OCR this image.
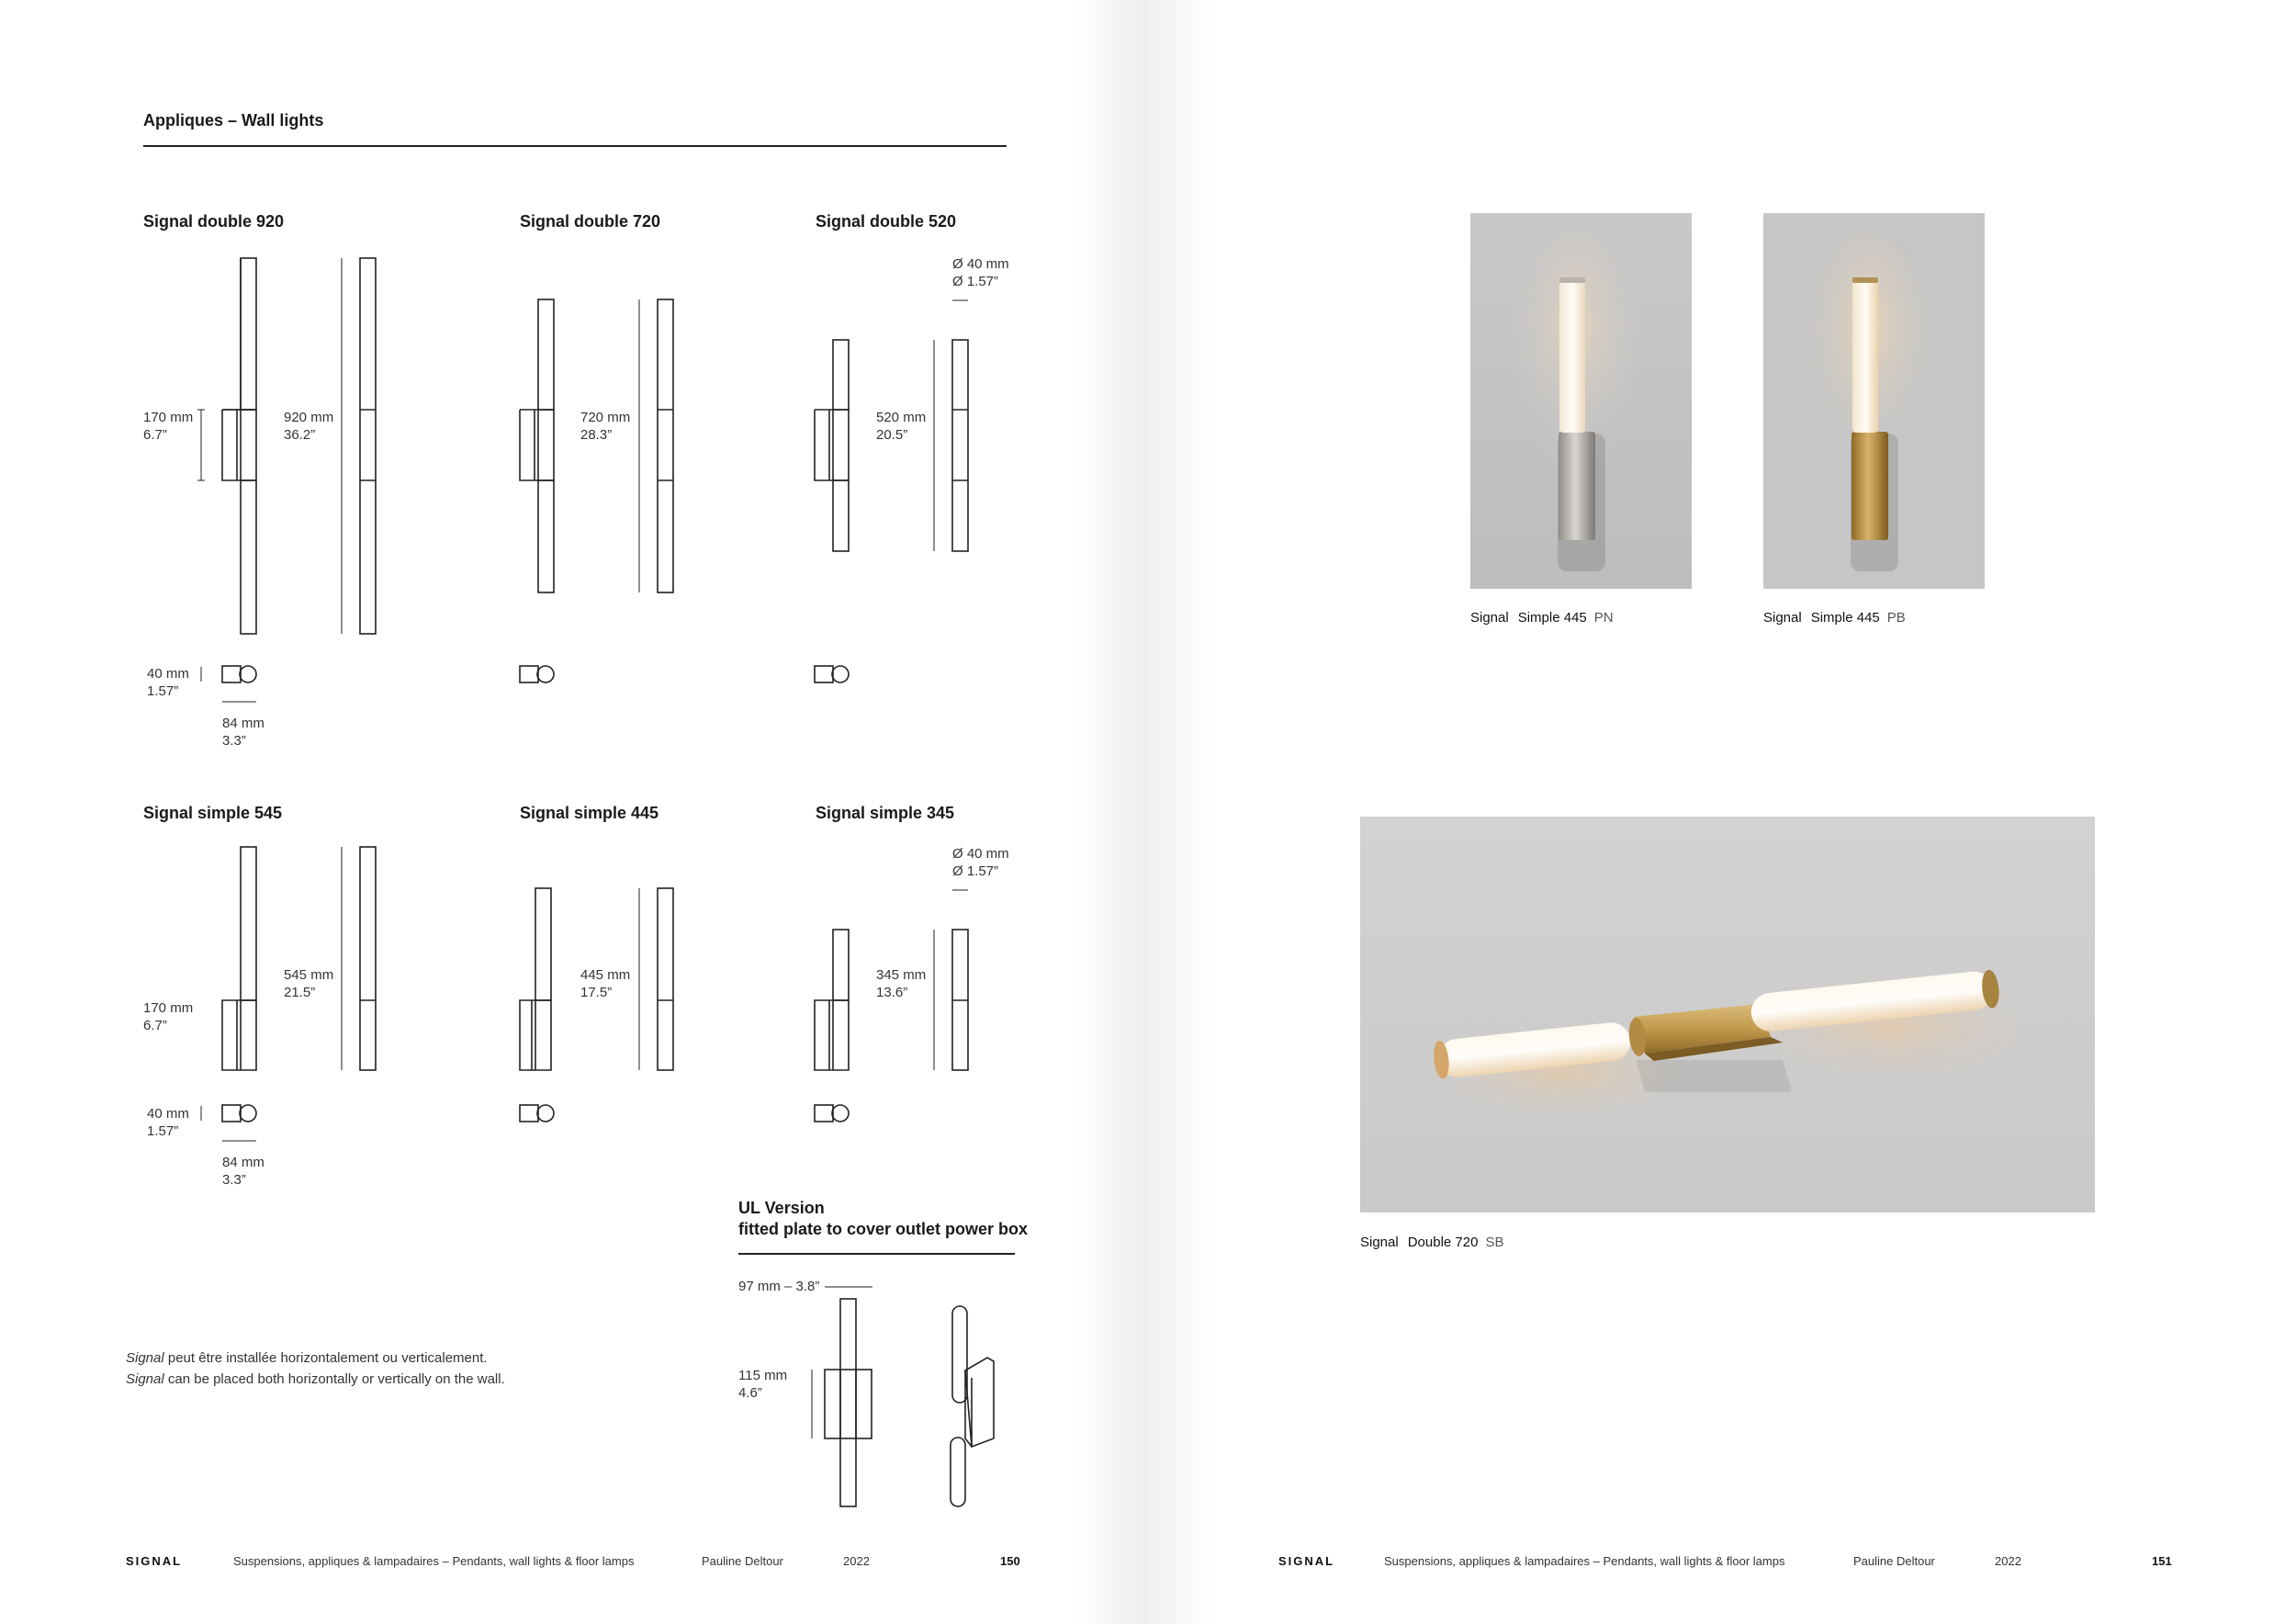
Appliques – Wall lights
Signal double 920	Signal double 720	Signal double 520
Signal simple 545	Signal simple 445	Signal simple 345
170 mm
6.7”
920 mm
36.2”
40 mm
1.57”
84 mm
3.3”
720 mm
28.3”
520 mm
20.5”
Ø 40 mm
Ø 1.57”
170 mm
6.7”
545 mm
21.5”
40 mm
1.57”
84 mm
3.3”
445 mm
17.5”
345 mm
13.6”
Ø 40 mm
Ø 1.57”
UL Version
fitted plate to cover outlet power box
97 mm – 3.8”
115 mm
4.6”
Signal peut être installée horizontalement ou verticalement.
Signal can be placed both horizontally or vertically on the wall.
SIGNAL	Suspensions, appliques & lampadaires – Pendants, wall lights & floor lamps	Pauline Deltour	2022	150
Signal Simple 445 PN	Signal Simple 445 PB
Signal Double 720 SB
SIGNAL	Suspensions, appliques & lampadaires – Pendants, wall lights & floor lamps	Pauline Deltour	2022	151
